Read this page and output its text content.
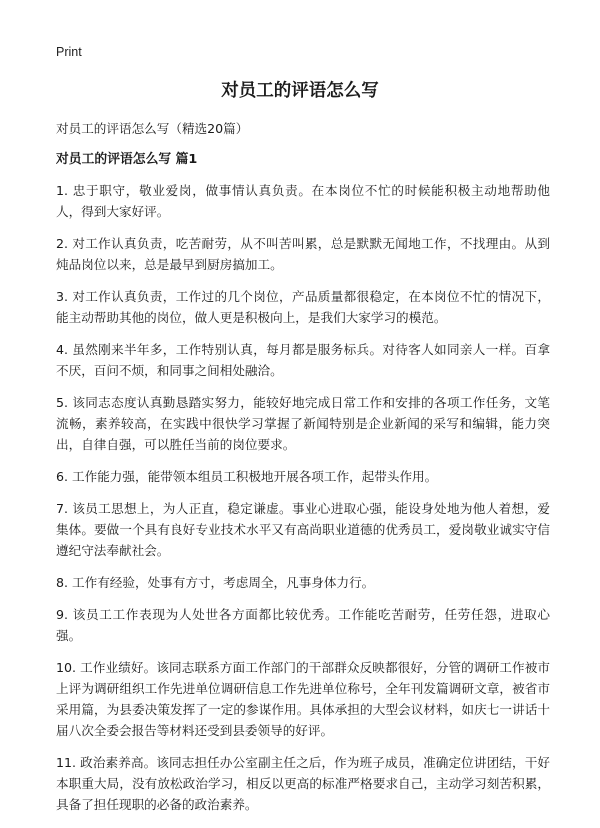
Print
对员工的评语怎么写

对员工的评语怎么写（精选20篇）

对员工的评语怎么写 篇1

1. 忠于职守，敬业爱岗，做事情认真负责。在本岗位不忙的时候能积极主动地帮助他人，得到大家好评。

2. 对工作认真负责，吃苦耐劳，从不叫苦叫累，总是默默无闻地工作，不找理由。从到炖品岗位以来，总是最早到厨房搞加工。

3. 对工作认真负责，工作过的几个岗位，产品质量都很稳定，在本岗位不忙的情况下，能主动帮助其他的岗位，做人更是积极向上，是我们大家学习的模范。

4. 虽然刚来半年多，工作特别认真，每月都是服务标兵。对待客人如同亲人一样。百拿不厌，百问不烦，和同事之间相处融洽。

5. 该同志态度认真勤恳踏实努力，能较好地完成日常工作和安排的各项工作任务，文笔流畅，素养较高，在实践中很快学习掌握了新闻特别是企业新闻的采写和编辑，能力突出，自律自强，可以胜任当前的岗位要求。

6. 工作能力强，能带领本组员工积极地开展各项工作，起带头作用。

7. 该员工思想上，为人正直，稳定谦虚。事业心进取心强，能设身处地为他人着想，爱集体。要做一个具有良好专业技术水平又有高尚职业道德的优秀员工，爱岗敬业诚实守信遵纪守法奉献社会。

8. 工作有经验，处事有方寸，考虑周全，凡事身体力行。

9. 该员工工作表现为人处世各方面都比较优秀。工作能吃苦耐劳，任劳任怨，进取心强。

10. 工作业绩好。该同志联系方面工作部门的干部群众反映都很好，分管的调研工作被市上评为调研组织工作先进单位调研信息工作先进单位称号，全年刊发篇调研文章，被省市采用篇，为县委决策发挥了一定的参谋作用。具体承担的大型会议材料，如庆七一讲话十届八次全委会报告等材料还受到县委领导的好评。

11. 政治素养高。该同志担任办公室副主任之后，作为班子成员，准确定位讲团结，干好本职重大局，没有放松政治学习，相反以更高的标准严格要求自己，主动学习刻苦积累，具备了担任现职的必备的政治素养。
